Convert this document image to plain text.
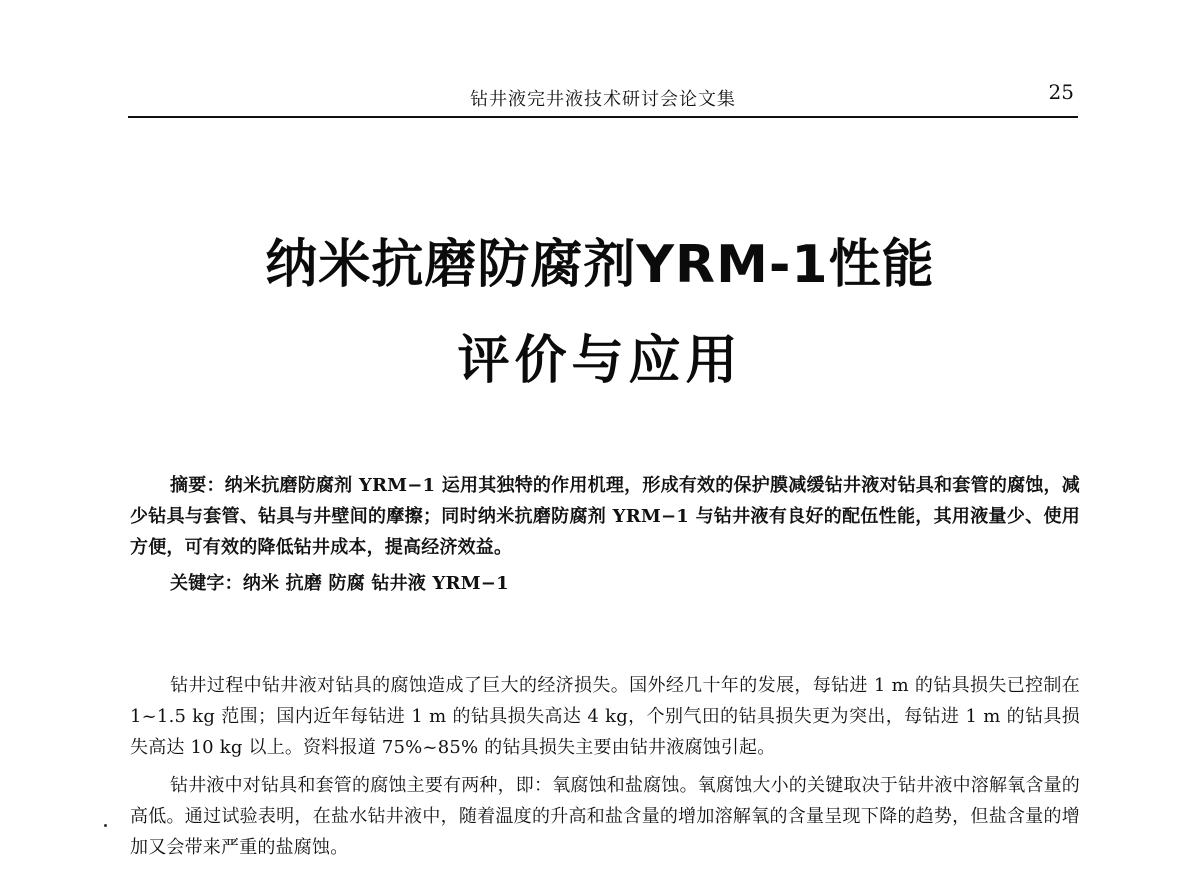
钻井液完井液技术研讨会论文集	25
纳米抗磨防腐剂YRM-1性能
评价与应用
摘要：纳米抗磨防腐剂 YRM−1 运用其独特的作用机理，形成有效的保护膜减缓钻井液对钻具和套管的腐蚀，减少钻具与套管、钻具与井壁间的摩擦；同时纳米抗磨防腐剂 YRM−1 与钻井液有良好的配伍性能，其用液量少、使用方便，可有效的降低钻井成本，提高经济效益。
关键字：纳米 抗磨 防腐 钻井液 YRM−1
钻井过程中钻井液对钻具的腐蚀造成了巨大的经济损失。国外经几十年的发展，每钻进 1 m 的钻具损失已控制在 1~1.5 kg 范围；国内近年每钻进 1 m 的钻具损失高达 4 kg，个别气田的钻具损失更为突出，每钻进 1 m 的钻具损失高达 10 kg 以上。资料报道 75%~85% 的钻具损失主要由钻井液腐蚀引起。
钻井液中对钻具和套管的腐蚀主要有两种，即：氧腐蚀和盐腐蚀。氧腐蚀大小的关键取决于钻井液中溶解氧含量的高低。通过试验表明，在盐水钻井液中，随着温度的升高和盐含量的增加溶解氧的含量呈现下降的趋势，但盐含量的增加又会带来严重的盐腐蚀。
